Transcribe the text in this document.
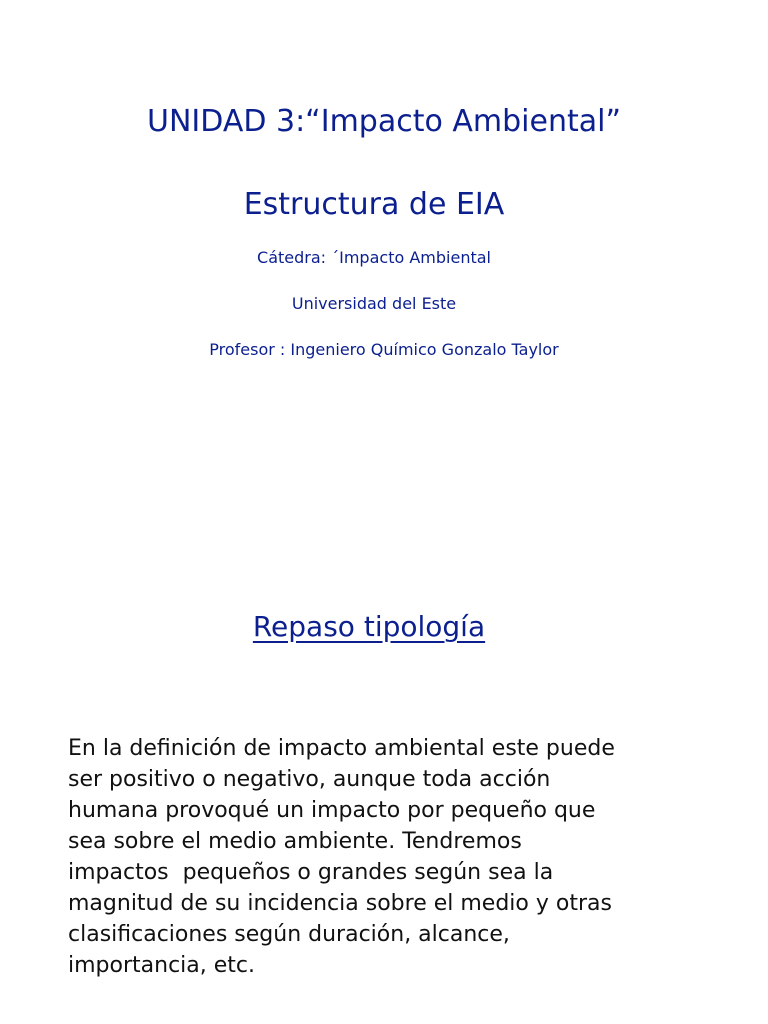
UNIDAD 3:“Impacto Ambiental”
Estructura de EIA
Cátedra: ´Impacto Ambiental
Universidad del Este
Profesor : Ingeniero Químico Gonzalo Taylor
Repaso tipología
En la definición de impacto ambiental este puede
ser positivo o negativo, aunque toda acción
humana provoqué un impacto por pequeño que
sea sobre el medio ambiente. Tendremos
impactos  pequeños o grandes según sea la
magnitud de su incidencia sobre el medio y otras
clasificaciones según duración, alcance,
importancia, etc.
